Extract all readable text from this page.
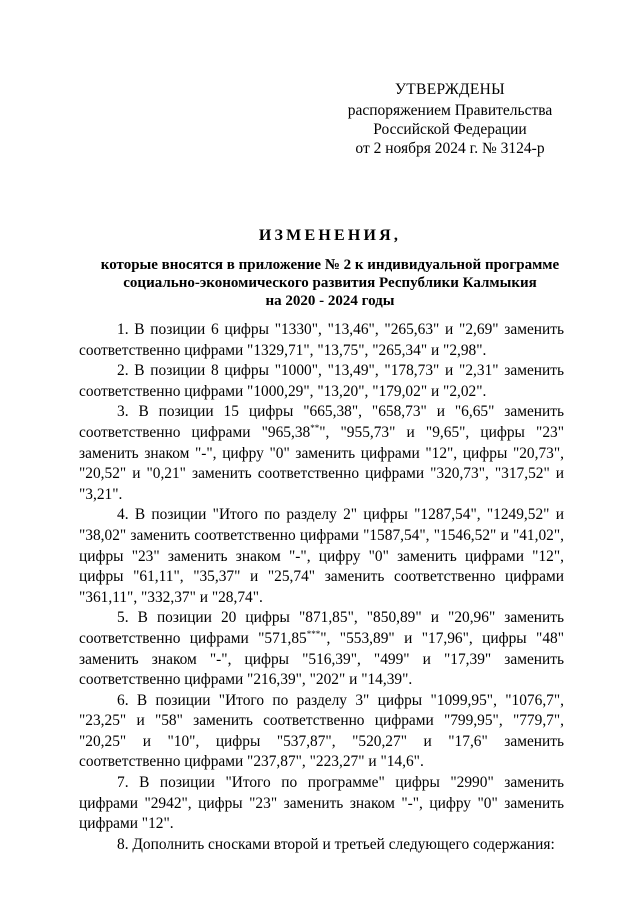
УТВЕРЖДЕНЫ
распоряжением Правительства
Российской Федерации
от 2 ноября 2024 г. № 3124-р
ИЗМЕНЕНИЯ,
которые вносятся в приложение № 2 к индивидуальной программе
социально-экономического развития Республики Калмыкия
на 2020 - 2024 годы

1. В позиции 6 цифры "1330", "13,46", "265,63" и "2,69" заменить соответственно цифрами "1329,71", "13,75", "265,34" и "2,98".

2. В позиции 8 цифры "1000", "13,49", "178,73" и "2,31" заменить соответственно цифрами "1000,29", "13,20", "179,02" и "2,02".

3. В позиции 15 цифры "665,38", "658,73" и "6,65" заменить соответственно цифрами "965,38**", "955,73" и "9,65", цифры "23" заменить знаком "-", цифру "0" заменить цифрами "12", цифры "20,73", "20,52" и "0,21" заменить соответственно цифрами "320,73", "317,52" и "3,21".

4. В позиции "Итого по разделу 2" цифры "1287,54", "1249,52" и "38,02" заменить соответственно цифрами "1587,54", "1546,52" и "41,02", цифры "23" заменить знаком "-", цифру "0" заменить цифрами "12", цифры "61,11", "35,37" и "25,74" заменить соответственно цифрами "361,11", "332,37" и "28,74".

5. В позиции 20 цифры "871,85", "850,89" и "20,96" заменить соответственно цифрами "571,85***", "553,89" и "17,96", цифры "48" заменить знаком "-", цифры "516,39", "499" и "17,39" заменить соответственно цифрами "216,39", "202" и "14,39".

6. В позиции "Итого по разделу 3" цифры "1099,95", "1076,7", "23,25" и "58" заменить соответственно цифрами "799,95", "779,7", "20,25" и "10", цифры "537,87", "520,27" и "17,6" заменить соответственно цифрами "237,87", "223,27" и "14,6".

7. В позиции "Итого по программе" цифры "2990" заменить цифрами "2942", цифры "23" заменить знаком "-", цифру "0" заменить цифрами "12".

8. Дополнить сносками второй и третьей следующего содержания:
